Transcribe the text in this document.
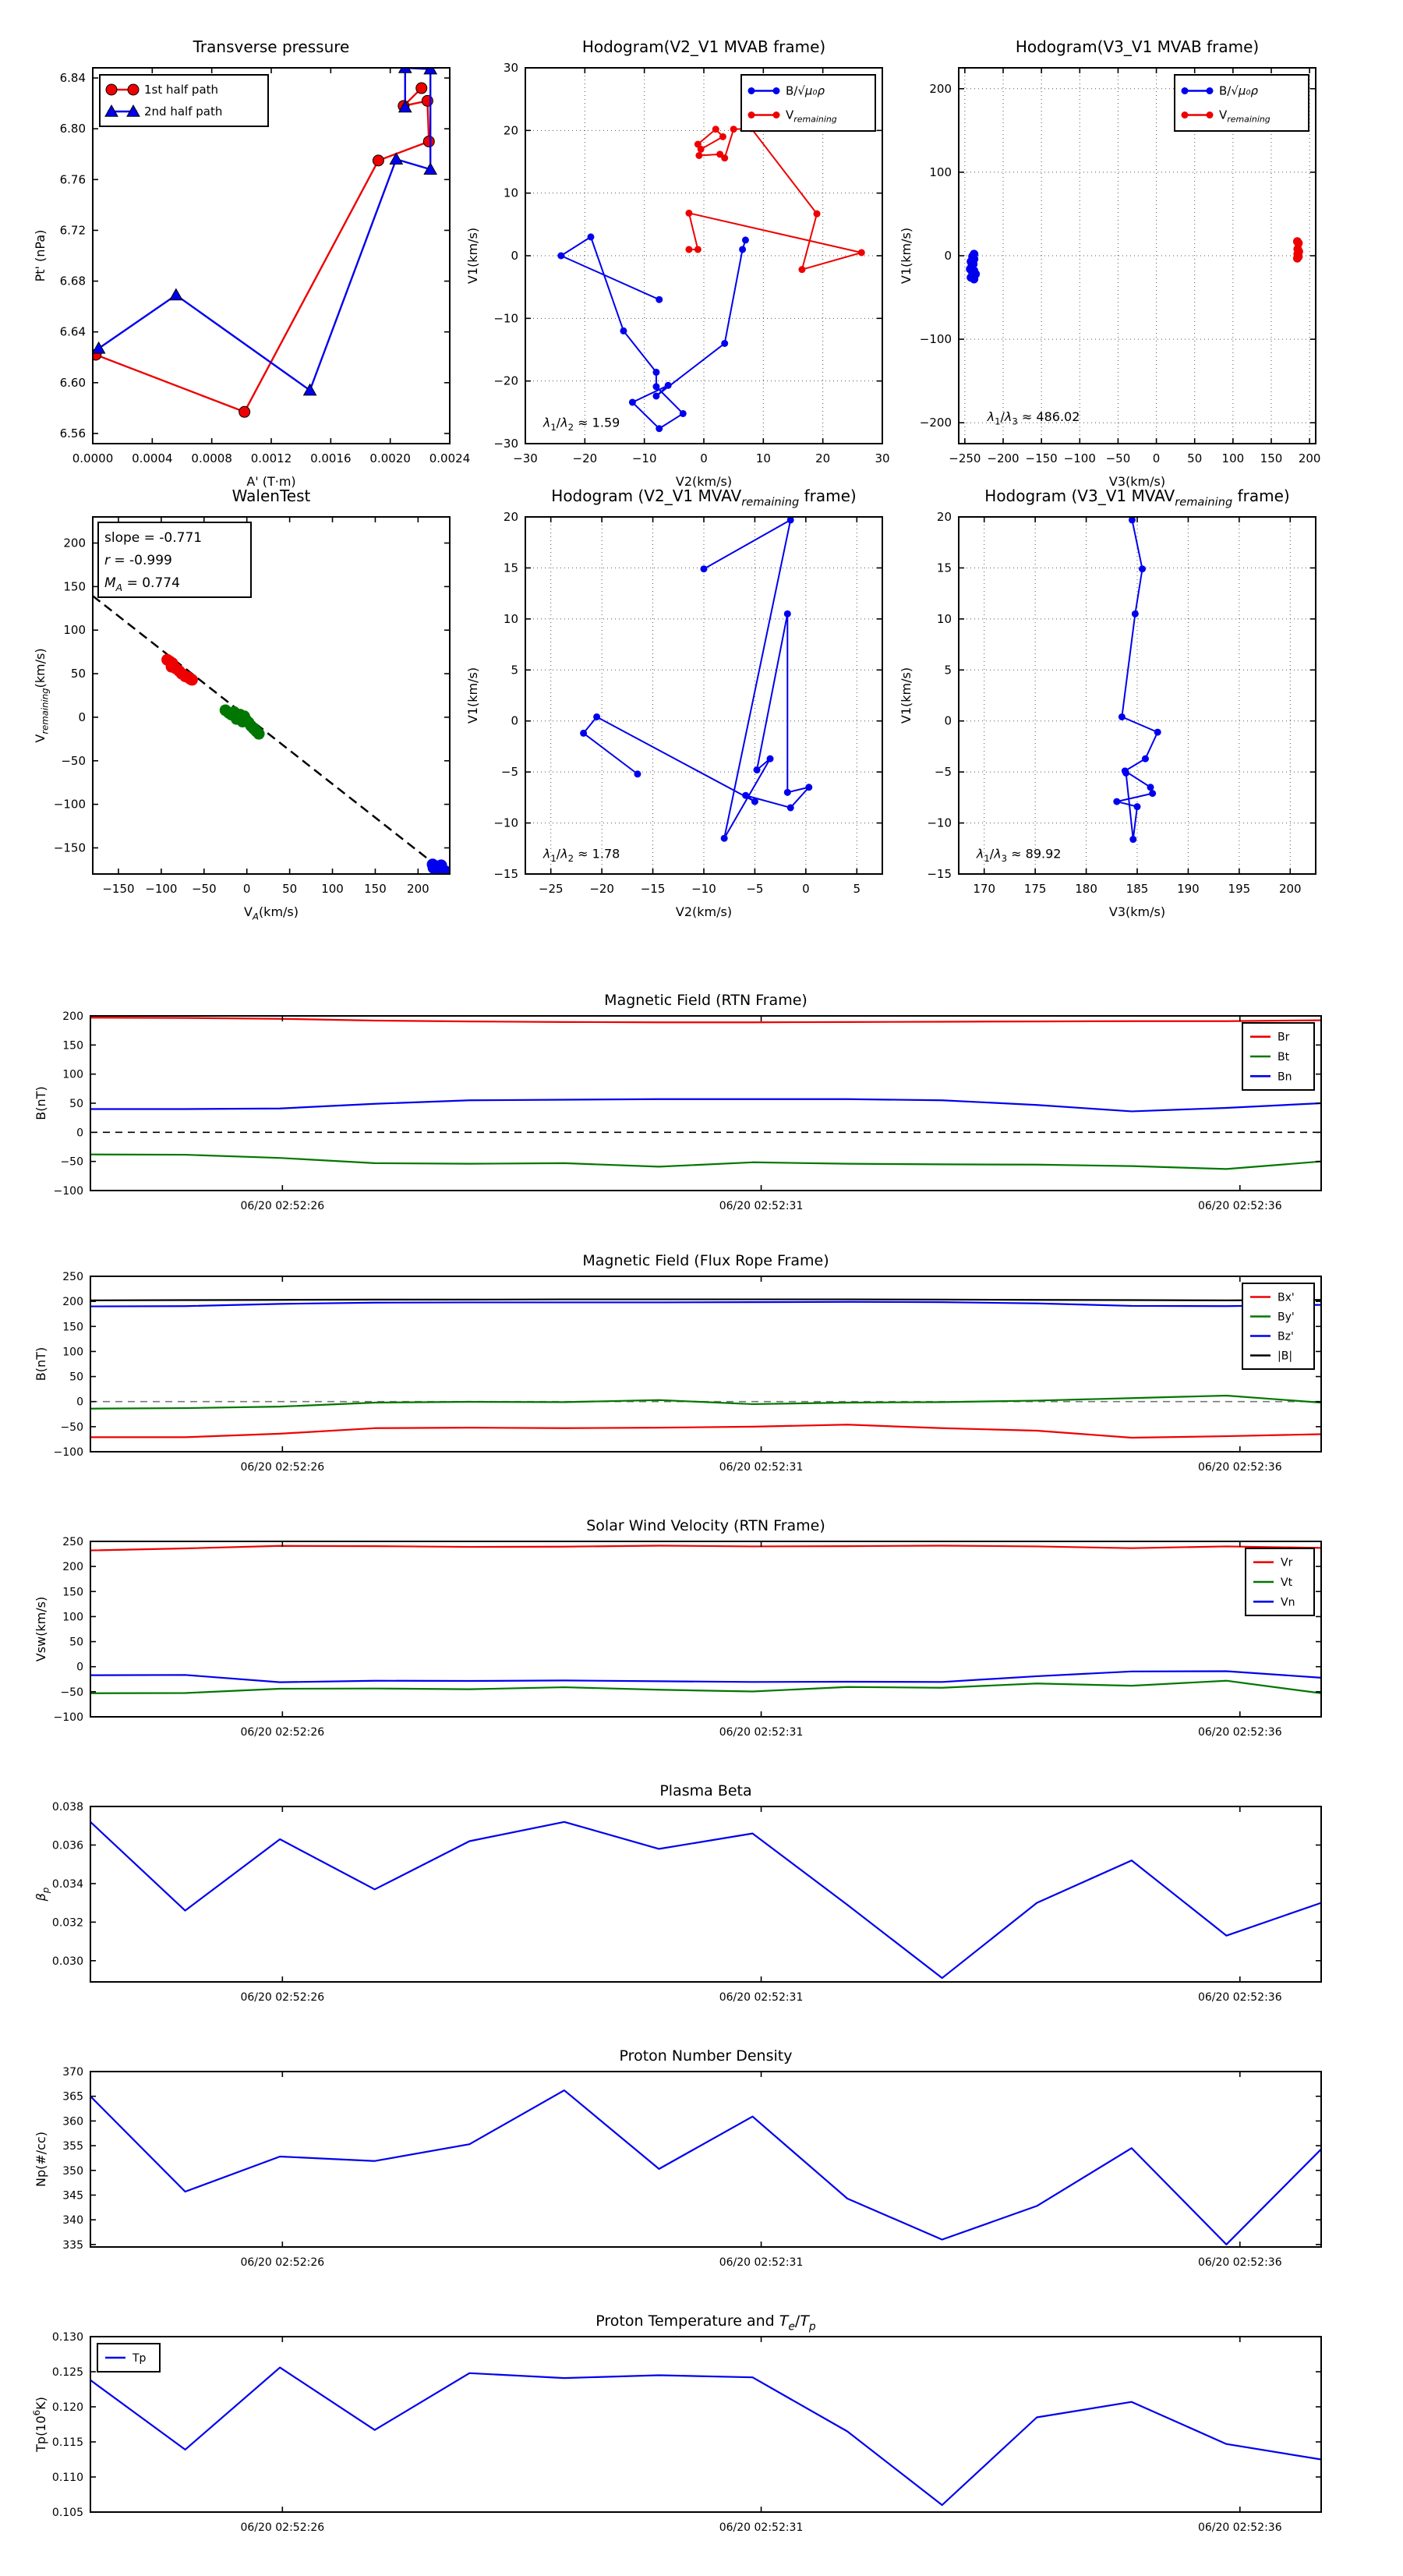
0.0000 0.0004 0.0008 0.0012 0.0016 0.0020 0.0024
6.56
6.60
6.64
6.68
6.72
6.76
6.80
6.84
Transverse pressure
A' (T·m)
Pt' (nPa)
1st half path
2nd half path
−30	−20	−10	0	10	20	30
−30
−20
−10
0
10
20
30
Hodogram(V2_V1 MVAB frame)
V2(km/s)
V1(km/s)
$\lambda_1/\lambda_2 \approx 1.59$
B/√μ₀ρ
$V_{remaining}$
−250 −200 −150 −100 −50 0 50 100 150 200
−200
−100
0
100
200
Hodogram(V3_V1 MVAB frame)
V3(km/s)
V1(km/s)
$\lambda_1/\lambda_3 \approx 486.02$
B/√μ₀ρ
$V_{remaining}$
−150 −100 −50 0	50 100 150 200
−150
−100
−50
0
50
100
150
200
WalenTest
$V_A(km/s)$
$V_{remaining}(km/s)$
slope = -0.771
r = -0.999
$M_A = 0.774$
−25 −20 −15 −10	−5	0	5
−15
−10
−5
0
5
10
15
20
Hodogram (V2_V1 $MVAV_{remaining}$ frame)
V2(km/s)
V1(km/s)
$\lambda_1/\lambda_2 \approx 1.78$
170 175 180 185 190 195 200
−15
−10
−5
0
5
10
15
20
Hodogram (V3_V1 $MVAV_{remaining}$ frame)
V3(km/s)
V1(km/s)
$\lambda_1/\lambda_3 \approx 89.92$
06/20 02:52:26	06/20 02:52:31	06/20 02:52:36
−100
−50
0
50
100
150
200
Magnetic Field (RTN Frame)
B(nT)
Br
Bt
Bn
06/20 02:52:26	06/20 02:52:31	06/20 02:52:36
−100
−50
0
50
100
150
200
250
Magnetic Field (Flux Rope Frame)
B(nT)
Bx'
By'
Bz'
|B|
06/20 02:52:26	06/20 02:52:31	06/20 02:52:36
−100
−50
0
50
100
150
200
250
Solar Wind Velocity (RTN Frame)
Vsw(km/s)
Vr
Vt
Vn
06/20 02:52:26	06/20 02:52:31	06/20 02:52:36
0.030
0.032
0.034
0.036
0.038
Plasma Beta
$\beta_p$
06/20 02:52:26	06/20 02:52:31	06/20 02:52:36
335
340
345
350
355
360
365
370
Proton Number Density
Np(#/cc)
06/20 02:52:26	06/20 02:52:31	06/20 02:52:36
0.105
0.110
0.115
0.120
0.125
0.130
Proton Temperature and $T_e/T_p$
$Tp(10^6K)$
Tp
